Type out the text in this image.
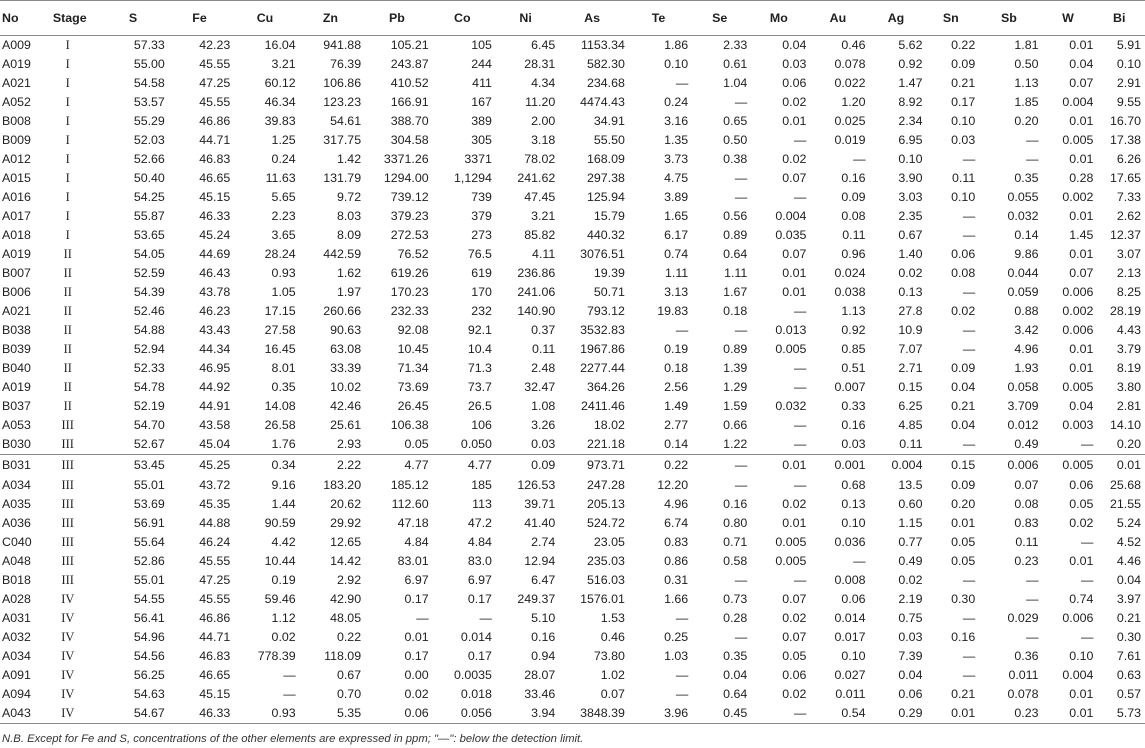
No	Stage	S	Fe	Cu	Zn	Pb	Co	Ni	As	Te	Se	Mo	Au	Ag	Sn	Sb	W	Bi
A009	I	57.33	42.23	16.04	941.88	105.21	105	6.45	1153.34	1.86	2.33	0.04	0.46	5.62	0.22	1.81	0.01	5.91
A019	I	55.00	45.55	3.21	76.39	243.87	244	28.31	582.30	0.10	0.61	0.03	0.078	0.92	0.09	0.50	0.04	0.10
A021	I	54.58	47.25	60.12	106.86	410.52	411	4.34	234.68	—	1.04	0.06	0.022	1.47	0.21	1.13	0.07	2.91
A052	I	53.57	45.55	46.34	123.23	166.91	167	11.20	4474.43	0.24	—	0.02	1.20	8.92	0.17	1.85	0.004	9.55
B008	I	55.29	46.86	39.83	54.61	388.70	389	2.00	34.91	3.16	0.65	0.01	0.025	2.34	0.10	0.20	0.01	16.70
B009	I	52.03	44.71	1.25	317.75	304.58	305	3.18	55.50	1.35	0.50	—	0.019	6.95	0.03	—	0.005	17.38
A012	I	52.66	46.83	0.24	1.42	3371.26	3371	78.02	168.09	3.73	0.38	0.02	—	0.10	—	—	0.01	6.26
A015	I	50.40	46.65	11.63	131.79	1294.00	1,1294	241.62	297.38	4.75	—	0.07	0.16	3.90	0.11	0.35	0.28	17.65
A016	I	54.25	45.15	5.65	9.72	739.12	739	47.45	125.94	3.89	—	—	0.09	3.03	0.10	0.055	0.002	7.33
A017	I	55.87	46.33	2.23	8.03	379.23	379	3.21	15.79	1.65	0.56	0.004	0.08	2.35	—	0.032	0.01	2.62
A018	I	53.65	45.24	3.65	8.09	272.53	273	85.82	440.32	6.17	0.89	0.035	0.11	0.67	—	0.14	1.45	12.37
A019	II	54.05	44.69	28.24	442.59	76.52	76.5	4.11	3076.51	0.74	0.64	0.07	0.96	1.40	0.06	9.86	0.01	3.07
B007	II	52.59	46.43	0.93	1.62	619.26	619	236.86	19.39	1.11	1.11	0.01	0.024	0.02	0.08	0.044	0.07	2.13
B006	II	54.39	43.78	1.05	1.97	170.23	170	241.06	50.71	3.13	1.67	0.01	0.038	0.13	—	0.059	0.006	8.25
A021	II	52.46	46.23	17.15	260.66	232.33	232	140.90	793.12	19.83	0.18	—	1.13	27.8	0.02	0.88	0.002	28.19
B038	II	54.88	43.43	27.58	90.63	92.08	92.1	0.37	3532.83	—	—	0.013	0.92	10.9	—	3.42	0.006	4.43
B039	II	52.94	44.34	16.45	63.08	10.45	10.4	0.11	1967.86	0.19	0.89	0.005	0.85	7.07	—	4.96	0.01	3.79
B040	II	52.33	46.95	8.01	33.39	71.34	71.3	2.48	2277.44	0.18	1.39	—	0.51	2.71	0.09	1.93	0.01	8.19
A019	II	54.78	44.92	0.35	10.02	73.69	73.7	32.47	364.26	2.56	1.29	—	0.007	0.15	0.04	0.058	0.005	3.80
B037	II	52.19	44.91	14.08	42.46	26.45	26.5	1.08	2411.46	1.49	1.59	0.032	0.33	6.25	0.21	3.709	0.04	2.81
A053	III	54.70	43.58	26.58	25.61	106.38	106	3.26	18.02	2.77	0.66	—	0.16	4.85	0.04	0.012	0.003	14.10
B030	III	52.67	45.04	1.76	2.93	0.05	0.050	0.03	221.18	0.14	1.22	—	0.03	0.11	—	0.49	—	0.20
B031	III	53.45	45.25	0.34	2.22	4.77	4.77	0.09	973.71	0.22	—	0.01	0.001	0.004	0.15	0.006	0.005	0.01
A034	III	55.01	43.72	9.16	183.20	185.12	185	126.53	247.28	12.20	—	—	0.68	13.5	0.09	0.07	0.06	25.68
A035	III	53.69	45.35	1.44	20.62	112.60	113	39.71	205.13	4.96	0.16	0.02	0.13	0.60	0.20	0.08	0.05	21.55
A036	III	56.91	44.88	90.59	29.92	47.18	47.2	41.40	524.72	6.74	0.80	0.01	0.10	1.15	0.01	0.83	0.02	5.24
C040	III	55.64	46.24	4.42	12.65	4.84	4.84	2.74	23.05	0.83	0.71	0.005	0.036	0.77	0.05	0.11	—	4.52
A048	III	52.86	45.55	10.44	14.42	83.01	83.0	12.94	235.03	0.86	0.58	0.005	—	0.49	0.05	0.23	0.01	4.46
B018	III	55.01	47.25	0.19	2.92	6.97	6.97	6.47	516.03	0.31	—	—	0.008	0.02	—	—	—	0.04
A028	IV	54.55	45.55	59.46	42.90	0.17	0.17	249.37	1576.01	1.66	0.73	0.07	0.06	2.19	0.30	—	0.74	3.97
A031	IV	56.41	46.86	1.12	48.05	—	—	5.10	1.53	—	0.28	0.02	0.014	0.75	—	0.029	0.006	0.21
A032	IV	54.96	44.71	0.02	0.22	0.01	0.014	0.16	0.46	0.25	—	0.07	0.017	0.03	0.16	—	—	0.30
A034	IV	54.56	46.83	778.39	118.09	0.17	0.17	0.94	73.80	1.03	0.35	0.05	0.10	7.39	—	0.36	0.10	7.61
A091	IV	56.25	46.65	—	0.67	0.00	0.0035	28.07	1.02	—	0.04	0.06	0.027	0.04	—	0.011	0.004	0.63
A094	IV	54.63	45.15	—	0.70	0.02	0.018	33.46	0.07	—	0.64	0.02	0.011	0.06	0.21	0.078	0.01	0.57
A043	IV	54.67	46.33	0.93	5.35	0.06	0.056	3.94	3848.39	3.96	0.45	—	0.54	0.29	0.01	0.23	0.01	5.73
N.B. Except for Fe and S, concentrations of the other elements are expressed in ppm; "—": below the detection limit.
